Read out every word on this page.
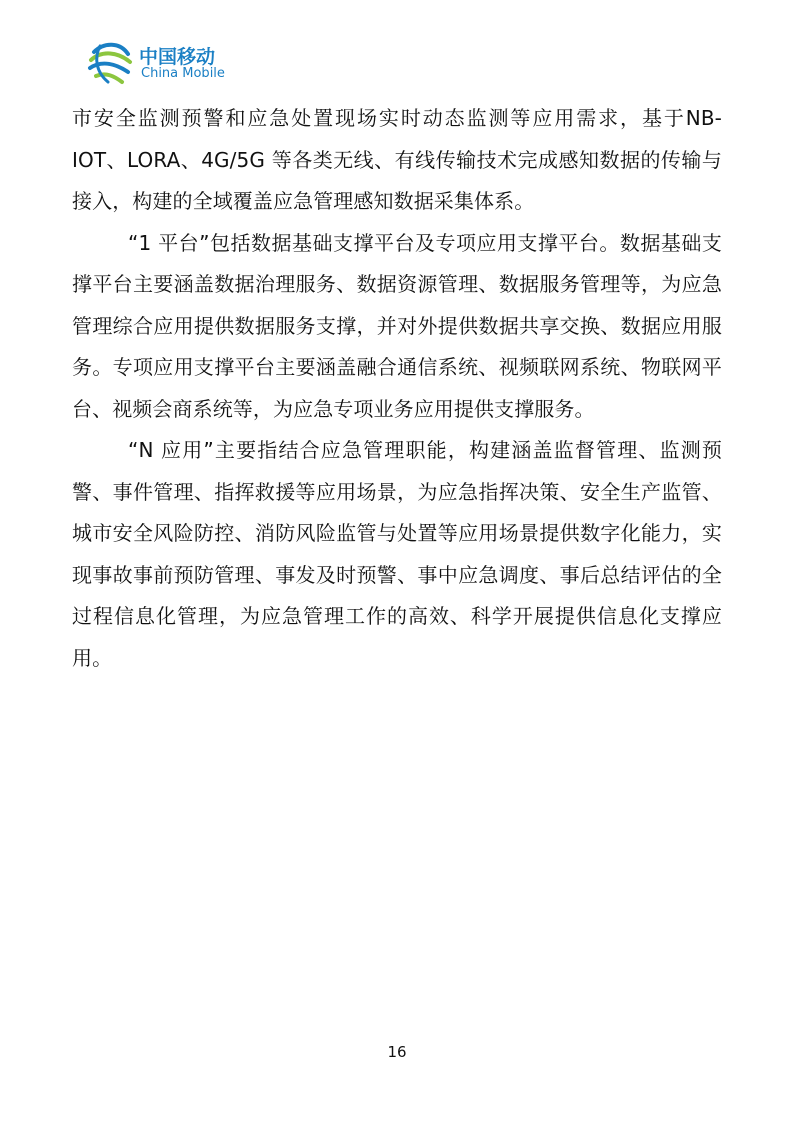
中国移动
China Mobile

市安全监测预警和应急处置现场实时动态监测等应用需求，基于NB-IOT、LORA、4G/5G 等各类无线、有线传输技术完成感知数据的传输与接入，构建的全域覆盖应急管理感知数据采集体系。

“1 平台”包括数据基础支撑平台及专项应用支撑平台。数据基础支撑平台主要涵盖数据治理服务、数据资源管理、数据服务管理等，为应急管理综合应用提供数据服务支撑，并对外提供数据共享交换、数据应用服务。专项应用支撑平台主要涵盖融合通信系统、视频联网系统、物联网平台、视频会商系统等，为应急专项业务应用提供支撑服务。

“N 应用”主要指结合应急管理职能，构建涵盖监督管理、监测预警、事件管理、指挥救援等应用场景，为应急指挥决策、安全生产监管、城市安全风险防控、消防风险监管与处置等应用场景提供数字化能力，实现事故事前预防管理、事发及时预警、事中应急调度、事后总结评估的全过程信息化管理，为应急管理工作的高效、科学开展提供信息化支撑应用。

16
